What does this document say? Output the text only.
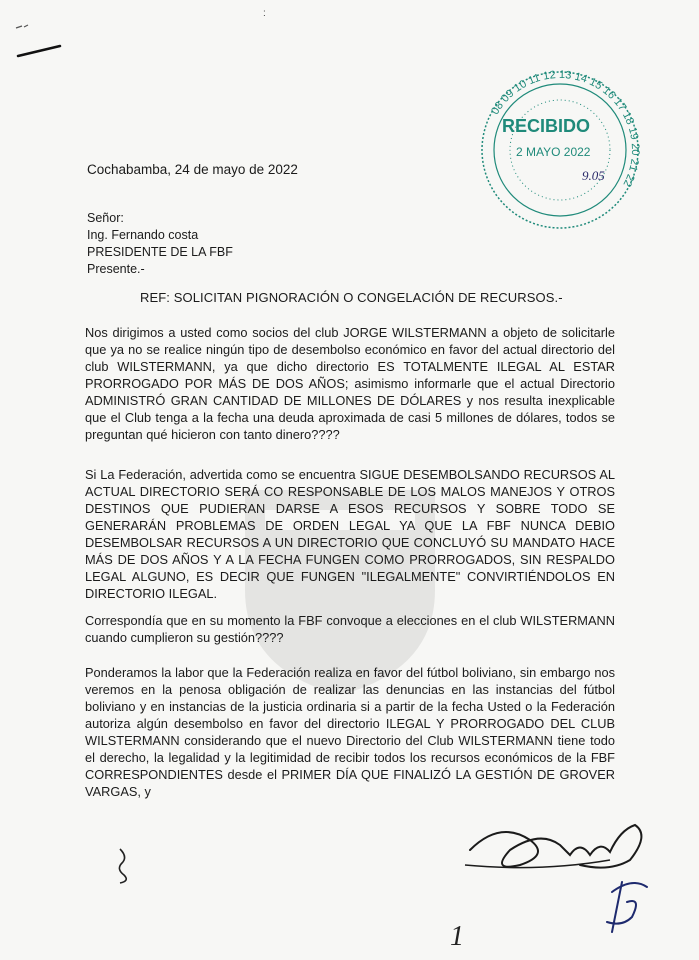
:
08 09 10 11 12 13 14 15 16 17 18 19 20 21 22
RECIBIDO
2 MAYO 2022
9.05
Cochabamba, 24 de mayo de 2022
Señor:
Ing. Fernando costa
PRESIDENTE DE LA FBF
Presente.-
REF: SOLICITAN PIGNORACIÓN O CONGELACIÓN DE RECURSOS.-
Nos dirigimos a usted como socios del club JORGE WILSTERMANN a objeto de solicitarle que ya no se realice ningún tipo de desembolso económico en favor del actual directorio del club WILSTERMANN, ya que dicho directorio ES TOTALMENTE ILEGAL AL ESTAR PRORROGADO POR MÁS DE DOS AÑOS; asimismo informarle que el actual Directorio ADMINISTRÓ GRAN CANTIDAD DE MILLONES DE DÓLARES y nos resulta inexplicable que el Club tenga a la fecha una deuda aproximada de casi 5 millones de dólares, todos se preguntan qué hicieron con tanto dinero????
Si La Federación, advertida como se encuentra SIGUE DESEMBOLSANDO RECURSOS AL ACTUAL DIRECTORIO SERÁ CO RESPONSABLE DE LOS MALOS MANEJOS Y OTROS DESTINOS QUE PUDIERAN DARSE A ESOS RECURSOS Y SOBRE TODO SE GENERARÁN PROBLEMAS DE ORDEN LEGAL YA QUE LA FBF NUNCA DEBIO DESEMBOLSAR RECURSOS A UN DIRECTORIO QUE CONCLUYÓ SU MANDATO HACE MÁS DE DOS AÑOS Y A LA FECHA FUNGEN COMO PRORROGADOS, SIN RESPALDO LEGAL ALGUNO, ES DECIR QUE FUNGEN "ILEGALMENTE" CONVIRTIÉNDOLOS EN DIRECTORIO ILEGAL.
Correspondía que en su momento la FBF convoque a elecciones en el club WILSTERMANN cuando cumplieron su gestión????
Ponderamos la labor que la Federación realiza en favor del fútbol boliviano, sin embargo nos veremos en la penosa obligación de realizar las denuncias en las instancias del fútbol boliviano y en instancias de la justicia ordinaria si a partir de la fecha Usted o la Federación autoriza algún desembolso en favor del directorio ILEGAL Y PRORROGADO DEL CLUB WILSTERMANN considerando que el nuevo Directorio del Club WILSTERMANN tiene todo el derecho, la legalidad y la legitimidad de recibir todos los recursos económicos de la FBF CORRESPONDIENTES desde el PRIMER DÍA QUE FINALIZÓ LA GESTIÓN DE GROVER VARGAS, y
1
